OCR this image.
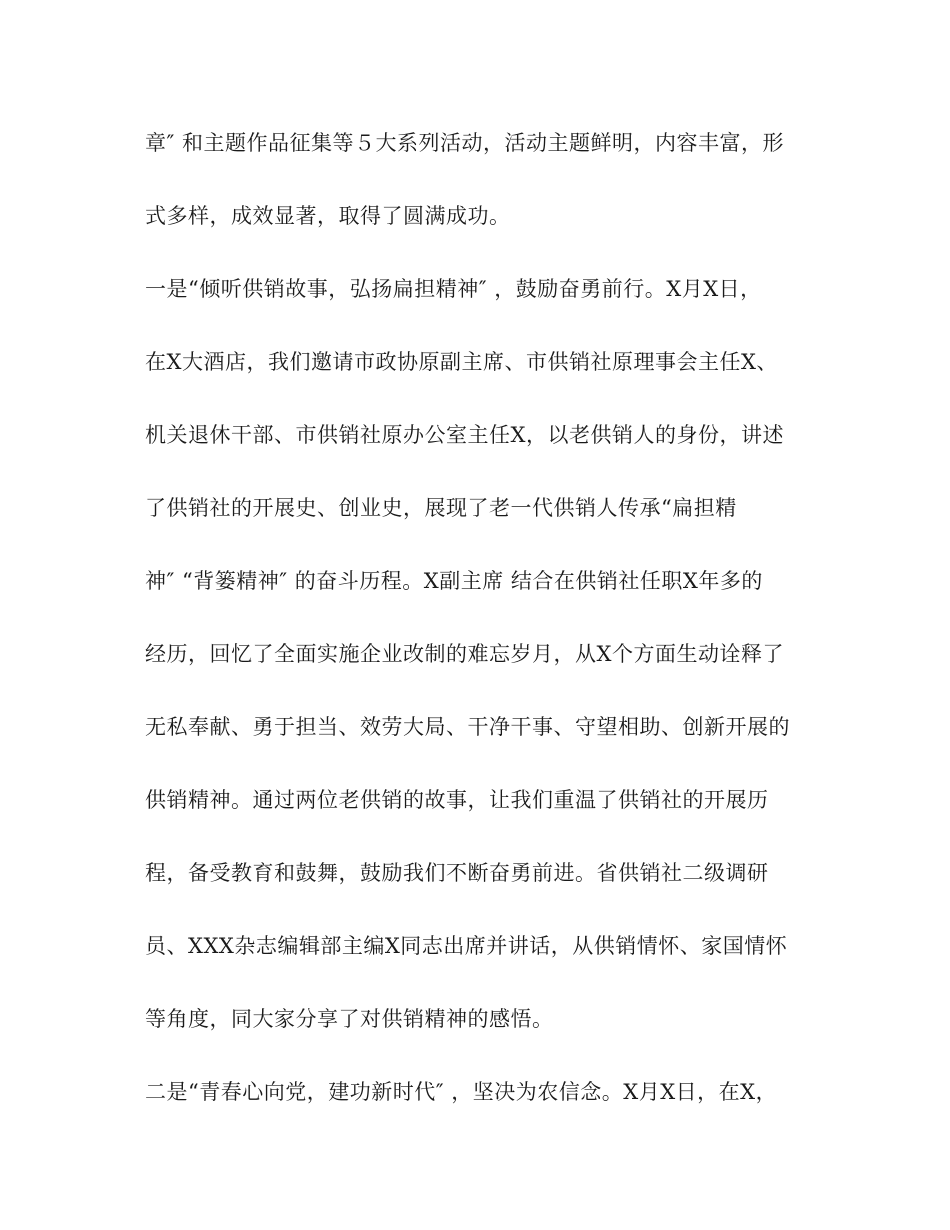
章″ 和主题作品征集等５大系列活动，活动主题鲜明，内容丰富，形
式多样，成效显著，取得了圆满成功。
一是“倾听供销故事，弘扬扁担精神″ ，鼓励奋勇前行。X月X日，
在X大酒店，我们邀请市政协原副主席、市供销社原理事会主任X、
机关退休干部、市供销社原办公室主任X，以老供销人的身份，讲述
了供销社的开展史、创业史，展现了老一代供销人传承“扁担精
神″ “背篓精神″ 的奋斗历程。X副主席 结合在供销社任职X年多的
经历，回忆了全面实施企业改制的难忘岁月，从X个方面生动诠释了
无私奉献、勇于担当、效劳大局、干净干事、守望相助、创新开展的
供销精神。通过两位老供销的故事，让我们重温了供销社的开展历
程，备受教育和鼓舞，鼓励我们不断奋勇前进。省供销社二级调研
员、XXX杂志编辑部主编X同志出席并讲话，从供销情怀、家国情怀
等角度，同大家分享了对供销精神的感悟。
二是“青春心向党，建功新时代″ ，坚决为农信念。X月X日，在X，
